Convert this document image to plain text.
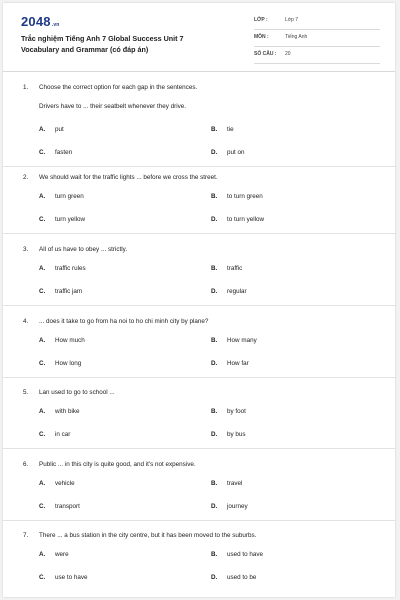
2048.vn
Trắc nghiệm Tiếng Anh 7 Global Success Unit 7
Vocabulary and Grammar (có đáp án)
LỚP :	Lớp 7
MÔN :	Tiếng Anh
SỐ CÂU : 20
1. Choose the correct option for each gap in the sentences.
Drivers have to ... their seatbelt whenever they drive.
A. put	B. tie
C. fasten	D. put on
2. We should wait for the traffic lights ... before we cross the street.
A. turn green	B. to turn green
C. turn yellow	D. to turn yellow
3. All of us have to obey ... strictly.
A. traffic rules	B. traffic
C. traffic jam	D. regular
4. ... does it take to go from ha noi to ho chi minh city by plane?
A. How much	B. How many
C. How long	D. How far
5. Lan used to go to school ...
A. with bike	B. by foot
C. in car	D. by bus
6. Public ... in this city is quite good, and it's not expensive.
A. vehicle	B. travel
C. transport	D. journey
7. There ... a bus station in the city centre, but it has been moved to the suburbs.
A. were	B. used to have
C. use to have	D. used to be
